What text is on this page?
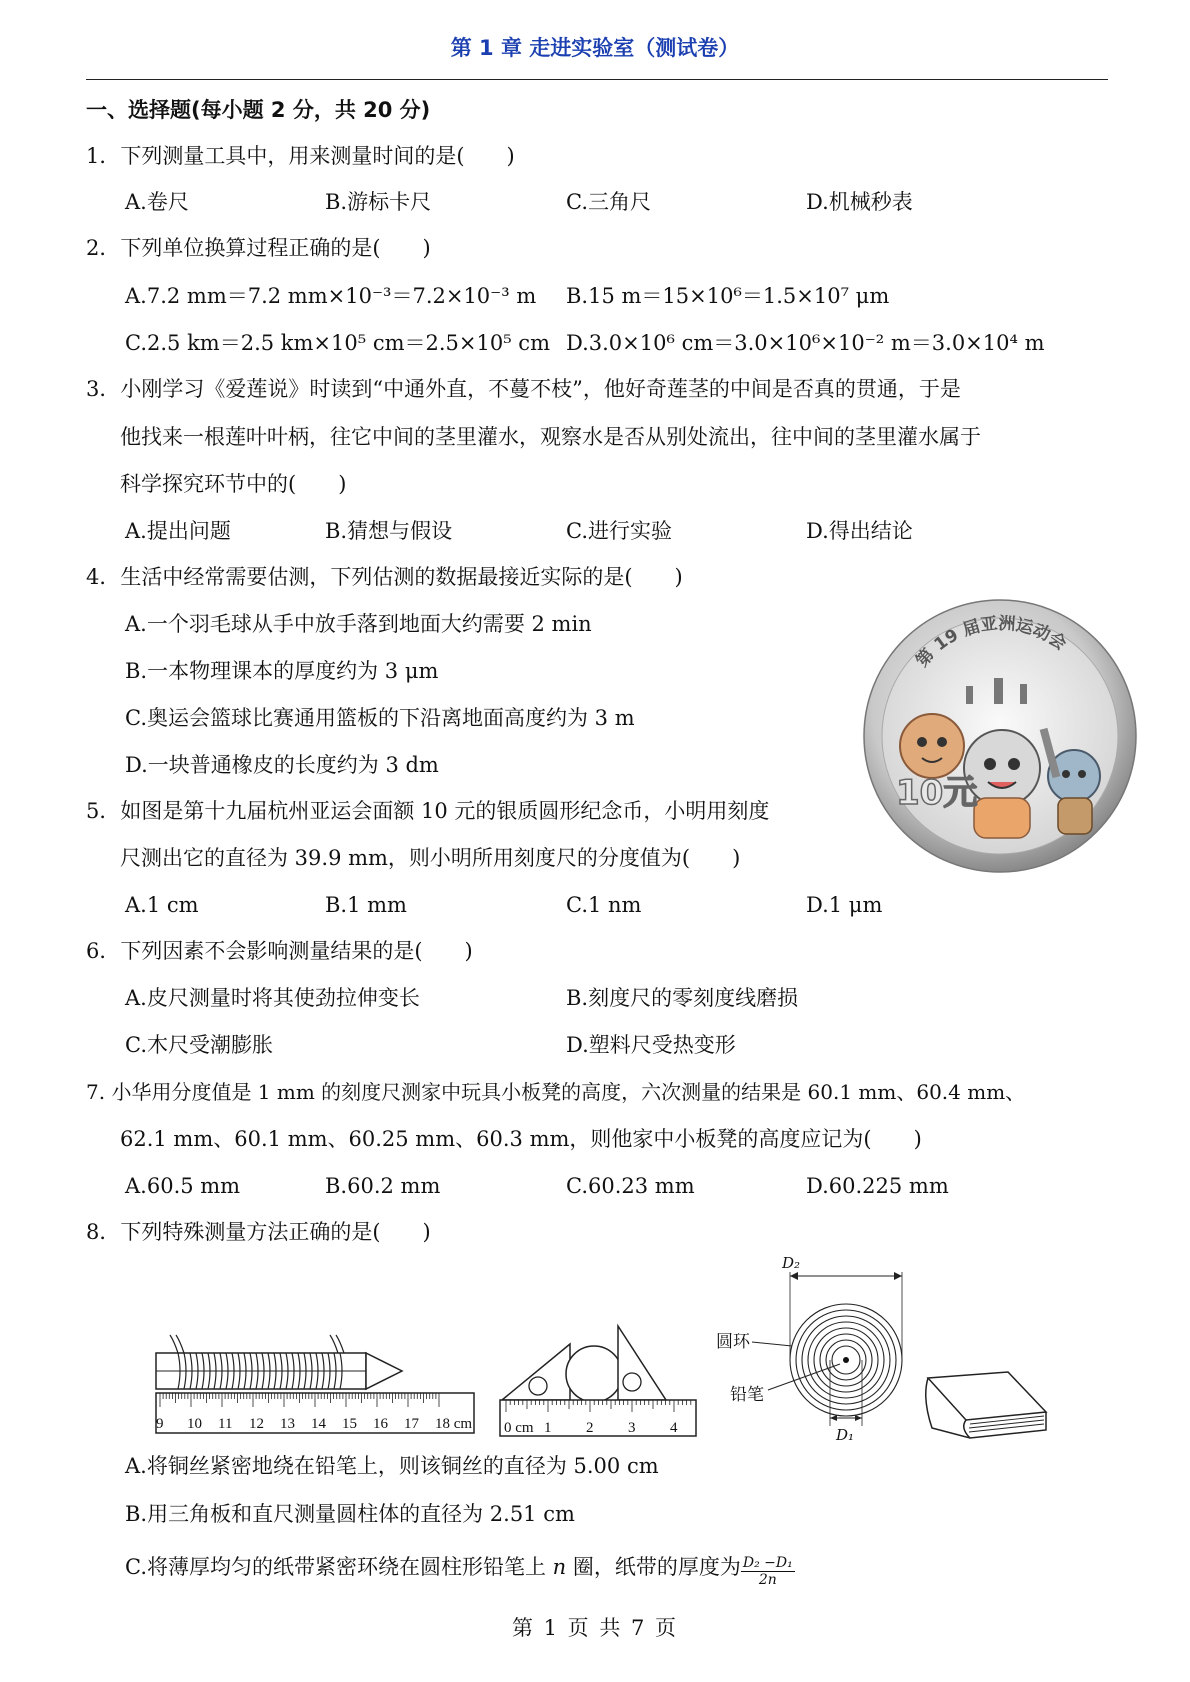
第 1 章 走进实验室（测试卷）
一、选择题(每小题 2 分，共 20 分)
1．下列测量工具中，用来测量时间的是(　　)
A.卷尺	B.游标卡尺	C.三角尺	D.机械秒表
2．下列单位换算过程正确的是(　　)
A.7.2 mm＝7.2 mm×10⁻³＝7.2×10⁻³ m B.15 m＝15×10⁶＝1.5×10⁷ μm
C.2.5 km＝2.5 km×10⁵ cm＝2.5×10⁵ cm D.3.0×10⁶ cm＝3.0×10⁶×10⁻² m＝3.0×10⁴ m
3．小刚学习《爱莲说》时读到“中通外直，不蔓不枝”，他好奇莲茎的中间是否真的贯通，于是
他找来一根莲叶叶柄，往它中间的茎里灌水，观察水是否从别处流出，往中间的茎里灌水属于
科学探究环节中的(　　)
A.提出问题	B.猜想与假设	C.进行实验	D.得出结论
4．生活中经常需要估测，下列估测的数据最接近实际的是(　　)
A.一个羽毛球从手中放手落到地面大约需要 2 min
B.一本物理课本的厚度约为 3 μm
C.奥运会篮球比赛通用篮板的下沿离地面高度约为 3 m
D.一块普通橡皮的长度约为 3 dm
第 19 届亚洲运动会
10元
5．如图是第十九届杭州亚运会面额 10 元的银质圆形纪念币，小明用刻度
尺测出它的直径为 39.9 mm，则小明所用刻度尺的分度值为(　　)
A.1 cm	B.1 mm	C.1 nm	D.1 μm
6．下列因素不会影响测量结果的是(　　)
A.皮尺测量时将其使劲拉伸变长	B.刻度尺的零刻度线磨损
C.木尺受潮膨胀	D.塑料尺受热变形
7. 小华用分度值是 1 mm 的刻度尺测家中玩具小板凳的高度，六次测量的结果是 60.1 mm、60.4 mm、
62.1 mm、60.1 mm、60.25 mm、60.3 mm，则他家中小板凳的高度应记为(　　)
A.60.5 mm	B.60.2 mm	C.60.23 mm	D.60.225 mm
8．下列特殊测量方法正确的是(　　)
9 10 11 12 13 14 15 16 17 18 cm 0 cm 1 2 3 4
D₂
D₁
圆环
铅笔
A.将铜丝紧密地绕在铅笔上，则该铜丝的直径为 5.00 cm
B.用三角板和直尺测量圆柱体的直径为 2.51 cm
C.将薄厚均匀的纸带紧密环绕在圆柱形铅笔上 n 圈，纸带的厚度为 $\frac{\text{D₂ −D₁}}{2n}$
第 1 页 共 7 页
